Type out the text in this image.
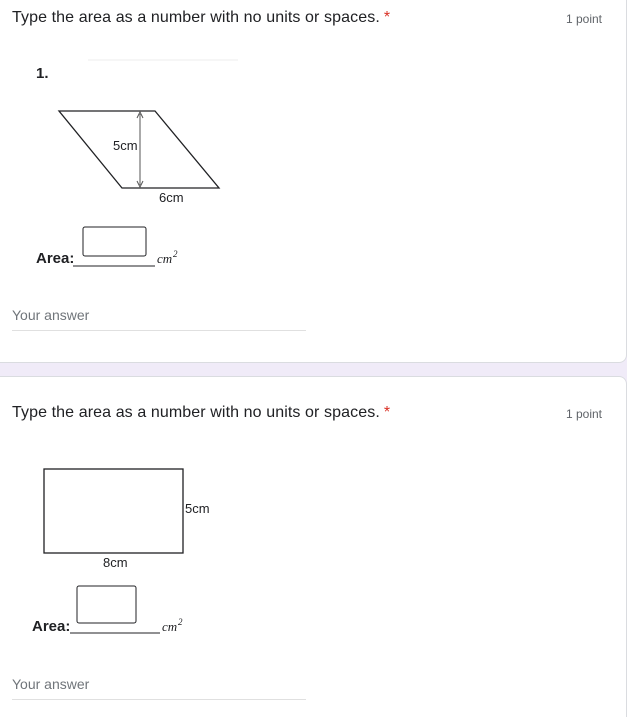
Type the area as a number with no units or spaces. *	1 point
1.
5cm
6cm
Area:	cm 2
Your answer
Type the area as a number with no units or spaces. *	1 point
5cm
8cm
Area:	cm 2
Your answer
